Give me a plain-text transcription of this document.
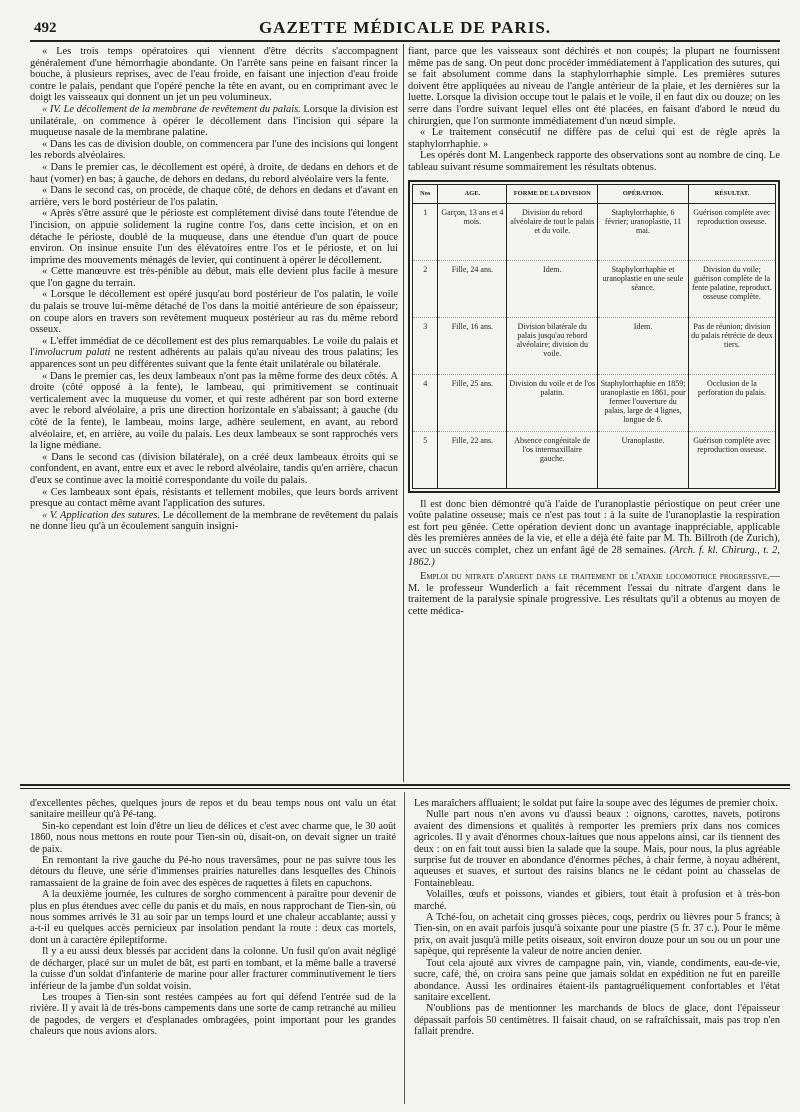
492	GAZETTE MÉDICALE DE PARIS.

« Les trois temps opératoires qui viennent d'être décrits s'accompagnent généralement d'une hémorrhagie abondante. On l'arrête sans peine en faisant rincer la bouche, à plusieurs reprises, avec de l'eau froide, en faisant une injection d'eau froide contre le palais, pendant que l'opéré penche la tête en avant, ou en comprimant avec le doigt les vaisseaux qui donnent un jet un peu volumineux.

« IV. Le décollement de la membrane de revêtement du palais. Lorsque la division est unilatérale, on commence à opérer le décollement dans l'incision qui sépare la muqueuse nasale de la membrane palatine.

« Dans les cas de division double, on commencera par l'une des incisions qui longent les rebords alvéolaires.

« Dans le premier cas, le décollement est opéré, à droite, de dedans en dehors et de haut (vomer) en bas; à gauche, de dehors en dedans, du rebord alvéolaire vers la fente.

« Dans le second cas, on procède, de chaque côté, de dehors en dedans et d'avant en arrière, vers le bord postérieur de l'os palatin.

« Après s'être assuré que le périoste est complétement divisé dans toute l'étendue de l'incision, on appuie solidement la rugine contre l'os, dans cette incision, et on en détache le périoste, doublé de la muqueuse, dans une étendue d'un quart de pouce environ. On insinue ensuite l'un des élévatoires entre l'os et le périoste, et on lui imprime des mouvements ménagés de levier, qui continuent à opérer le décollement.

« Cette manœuvre est très-pénible au début, mais elle devient plus facile à mesure que l'on gagne du terrain.

« Lorsque le décollement est opéré jusqu'au bord postérieur de l'os palatin, le voile du palais se trouve lui-même détaché de l'os dans la moitié antérieure de son épaisseur; on coupe alors en travers son revêtement muqueux postérieur au ras du même rebord osseux.

« L'effet immédiat de ce décollement est des plus remarquables. Le voile du palais et l'involucrum palati ne restent adhérents au palais qu'au niveau des trous palatins; les apparences sont un peu différentes suivant que la fente était unilatérale ou bilatérale.

« Dans le premier cas, les deux lambeaux n'ont pas la même forme des deux côtés. A droite (côté opposé à la fente), le lambeau, qui primitivement se continuait verticalement avec la muqueuse du vomer, et qui reste adhérent par son bord externe avec le rebord alvéolaire, a pris une direction horizontale en s'abaissant; à gauche (du côté de la fente), le lambeau, moins large, adhère seulement, en avant, au rebord alvéolaire, et, en arrière, au voile du palais. Les deux lambeaux se sont rapprochés vers la ligne médiane.

« Dans le second cas (division bilatérale), on a créé deux lambeaux étroits qui se confondent, en avant, entre eux et avec le rebord alvéolaire, tandis qu'en arrière, chacun d'eux se continue avec la moitié correspondante du voile du palais.

« Ces lambeaux sont épais, résistants et tellement mobiles, que leurs bords arrivent presque au contact même avant l'application des sutures.

« V. Application des sutures. Le décollement de la membrane de revêtement du palais ne donne lieu qu'à un écoulement sanguin insigni-

fiant, parce que les vaisseaux sont déchirés et non coupés; la plupart ne fournissent même pas de sang. On peut donc procéder immédiatement à l'application des sutures, qui se fait absolument comme dans la staphylorrhaphie simple. Les premières sutures doivent être appliquées au niveau de l'angle antérieur de la plaie, et les dernières sur la luette. Lorsque la division occupe tout le palais et le voile, il en faut dix ou douze; on les serre dans l'ordre suivant lequel elles ont été placées, en faisant d'abord le nœud du chirurgien, que l'on surmonte immédiatement d'un nœud simple.

« Le traitement consécutif ne diffère pas de celui qui est de règle après la staphylorrhaphie. »

Les opérés dont M. Langenbeck rapporte des observations sont au nombre de cinq. Le tableau suivant résume sommairement les résultats obtenus.

Nos	AGE.	FORME DE LA DIVISION	OPÉRATION.	RÉSULTAT.
1	Garçon, 13 ans et 4 mois.	Division du rebord alvéolaire de tout le palais et du voile.	Staphylorrhaphie, 6 février; uranoplastie, 11 mai.	Guérison complète avec reproduction osseuse.
2	Fille, 24 ans.	Idem.	Staphylorrhaphie et uranoplastie en une seule séance.	Division du voile; guérison complète de la fente palatine, reproduct. osseuse complète.
3	Fille, 16 ans.	Division bilatérale du palais jusqu'au rebord alvéolaire; division du voile.	Idem.	Pas de réunion; division du palais rétrécie de deux tiers.
4	Fille, 25 ans.	Division du voile et de l'os palatin.	Staphylorrhaphie en 1859; uranoplastie en 1861, pour fermer l'ouverture du palais, large de 4 lignes, longue de 6.	Occlusion de la perforation du palais.
5	Fille, 22 ans.	Absence congénitale de l'os intermaxillaire gauche.	Uranoplastie.	Guérison complète avec reproduction osseuse.

Il est donc bien démontré qu'à l'aide de l'uranoplastie périostique on peut créer une voûte palatine osseuse; mais ce n'est pas tout : à la suite de l'uranoplastie la respiration est fort peu gênée. Cette opération devient donc un avantage inappréciable, applicable dès les premières années de la vie, et elle a déjà été faite par M. Th. Billroth (de Zurich), avec un succès complet, chez un enfant âgé de 28 semaines. (Arch. f. kl. Chirurg., t. 2, 1862.)

Emploi du nitrate d'argent dans le traitement de l'ataxie locomotrice progressive.—M. le professeur Wunderlich a fait récemment l'essai du nitrate d'argent dans le traitement de la paralysie spinale progressive. Les résultats qu'il a obtenus au moyen de cette médica-

d'excellentes pêches, quelques jours de repos et du beau temps nous ont valu un état sanitaire meilleur qu'à Pé-tang.

Sin-ko cependant est loin d'être un lieu de délices et c'est avec charme que, le 30 août 1860, nous nous mettons en route pour Tien-sin où, disait-on, on devait signer un traité de paix.

En remontant la rive gauche du Pé-ho nous traversâmes, pour ne pas suivre tous les détours du fleuve, une série d'immenses prairies naturelles dans lesquelles des Chinois ramassaient de la graine de foin avec des espèces de raquettes à filets en capuchons.

A la deuxième journée, les cultures de sorgho commencent à paraître pour devenir de plus en plus étendues avec celle du panis et du maïs, en nous rapprochant de Tien-sin, où nous sommes arrivés le 31 au soir par un temps lourd et une chaleur accablante; aussi y a-t-il eu quelques accès pernicieux par insolation pendant la route : deux cas mortels, dont un à caractère épileptiforme.

Il y a eu aussi deux blessés par accident dans la colonne. Un fusil qu'on avait négligé de décharger, placé sur un mulet de bât, est parti en tombant, et la même balle a traversé la cuisse d'un soldat d'infanterie de marine pour aller fracturer comminutivement le tiers inférieur de la jambe d'un soldat voisin.

Les troupes à Tien-sin sont restées campées au fort qui défend l'entrée sud de la rivière. Il y avait là de très-bons campements dans une sorte de camp retranché au milieu de pagodes, de vergers et d'esplanades ombragées, point important pour les grandes chaleurs que nous avions alors.

Les maraîchers affluaient; le soldat put faire la soupe avec des légumes de premier choix.

Nulle part nous n'en avons vu d'aussi beaux : oignons, carottes, navets, potirons avaient des dimensions et qualités à remporter les premiers prix dans nos comices agricoles. Il y avait d'énormes choux-laitues que nous appelons ainsi, car ils tiennent des deux : on en fait tout aussi bien la salade que la soupe. Mais, pour nous, la plus agréable surprise fut de trouver en abondance d'énormes pêches, à chair ferme, à noyau adhérent, aqueuses et suaves, et surtout des raisins blancs ne le cédant point au chasselas de Fontainebleau.

Volailles, œufs et poissons, viandes et gibiers, tout était à profusion et à très-bon marché.

A Tché-fou, on achetait cinq grosses pièces, coqs, perdrix ou lièvres pour 5 francs; à Tien-sin, on en avait parfois jusqu'à soixante pour une piastre (5 fr. 37 c.). Pour le même prix, on avait jusqu'à mille petits oiseaux, soit environ douze pour un sou ou un pour une sapèque, qui représente la valeur de notre ancien denier.

Tout cela ajouté aux vivres de campagne pain, vin, viande, condiments, eau-de-vie, sucre, café, thé, on croira sans peine que jamais soldat en expédition ne fut en pareille abondance. Aussi les ordinaires étaient-ils pantagruéliquement confortables et l'état sanitaire excellent.

N'oublions pas de mentionner les marchands de blocs de glace, dont l'épaisseur dépassait parfois 50 centimètres. Il faisait chaud, on se rafraîchissait, mais pas trop n'en fallait prendre.
